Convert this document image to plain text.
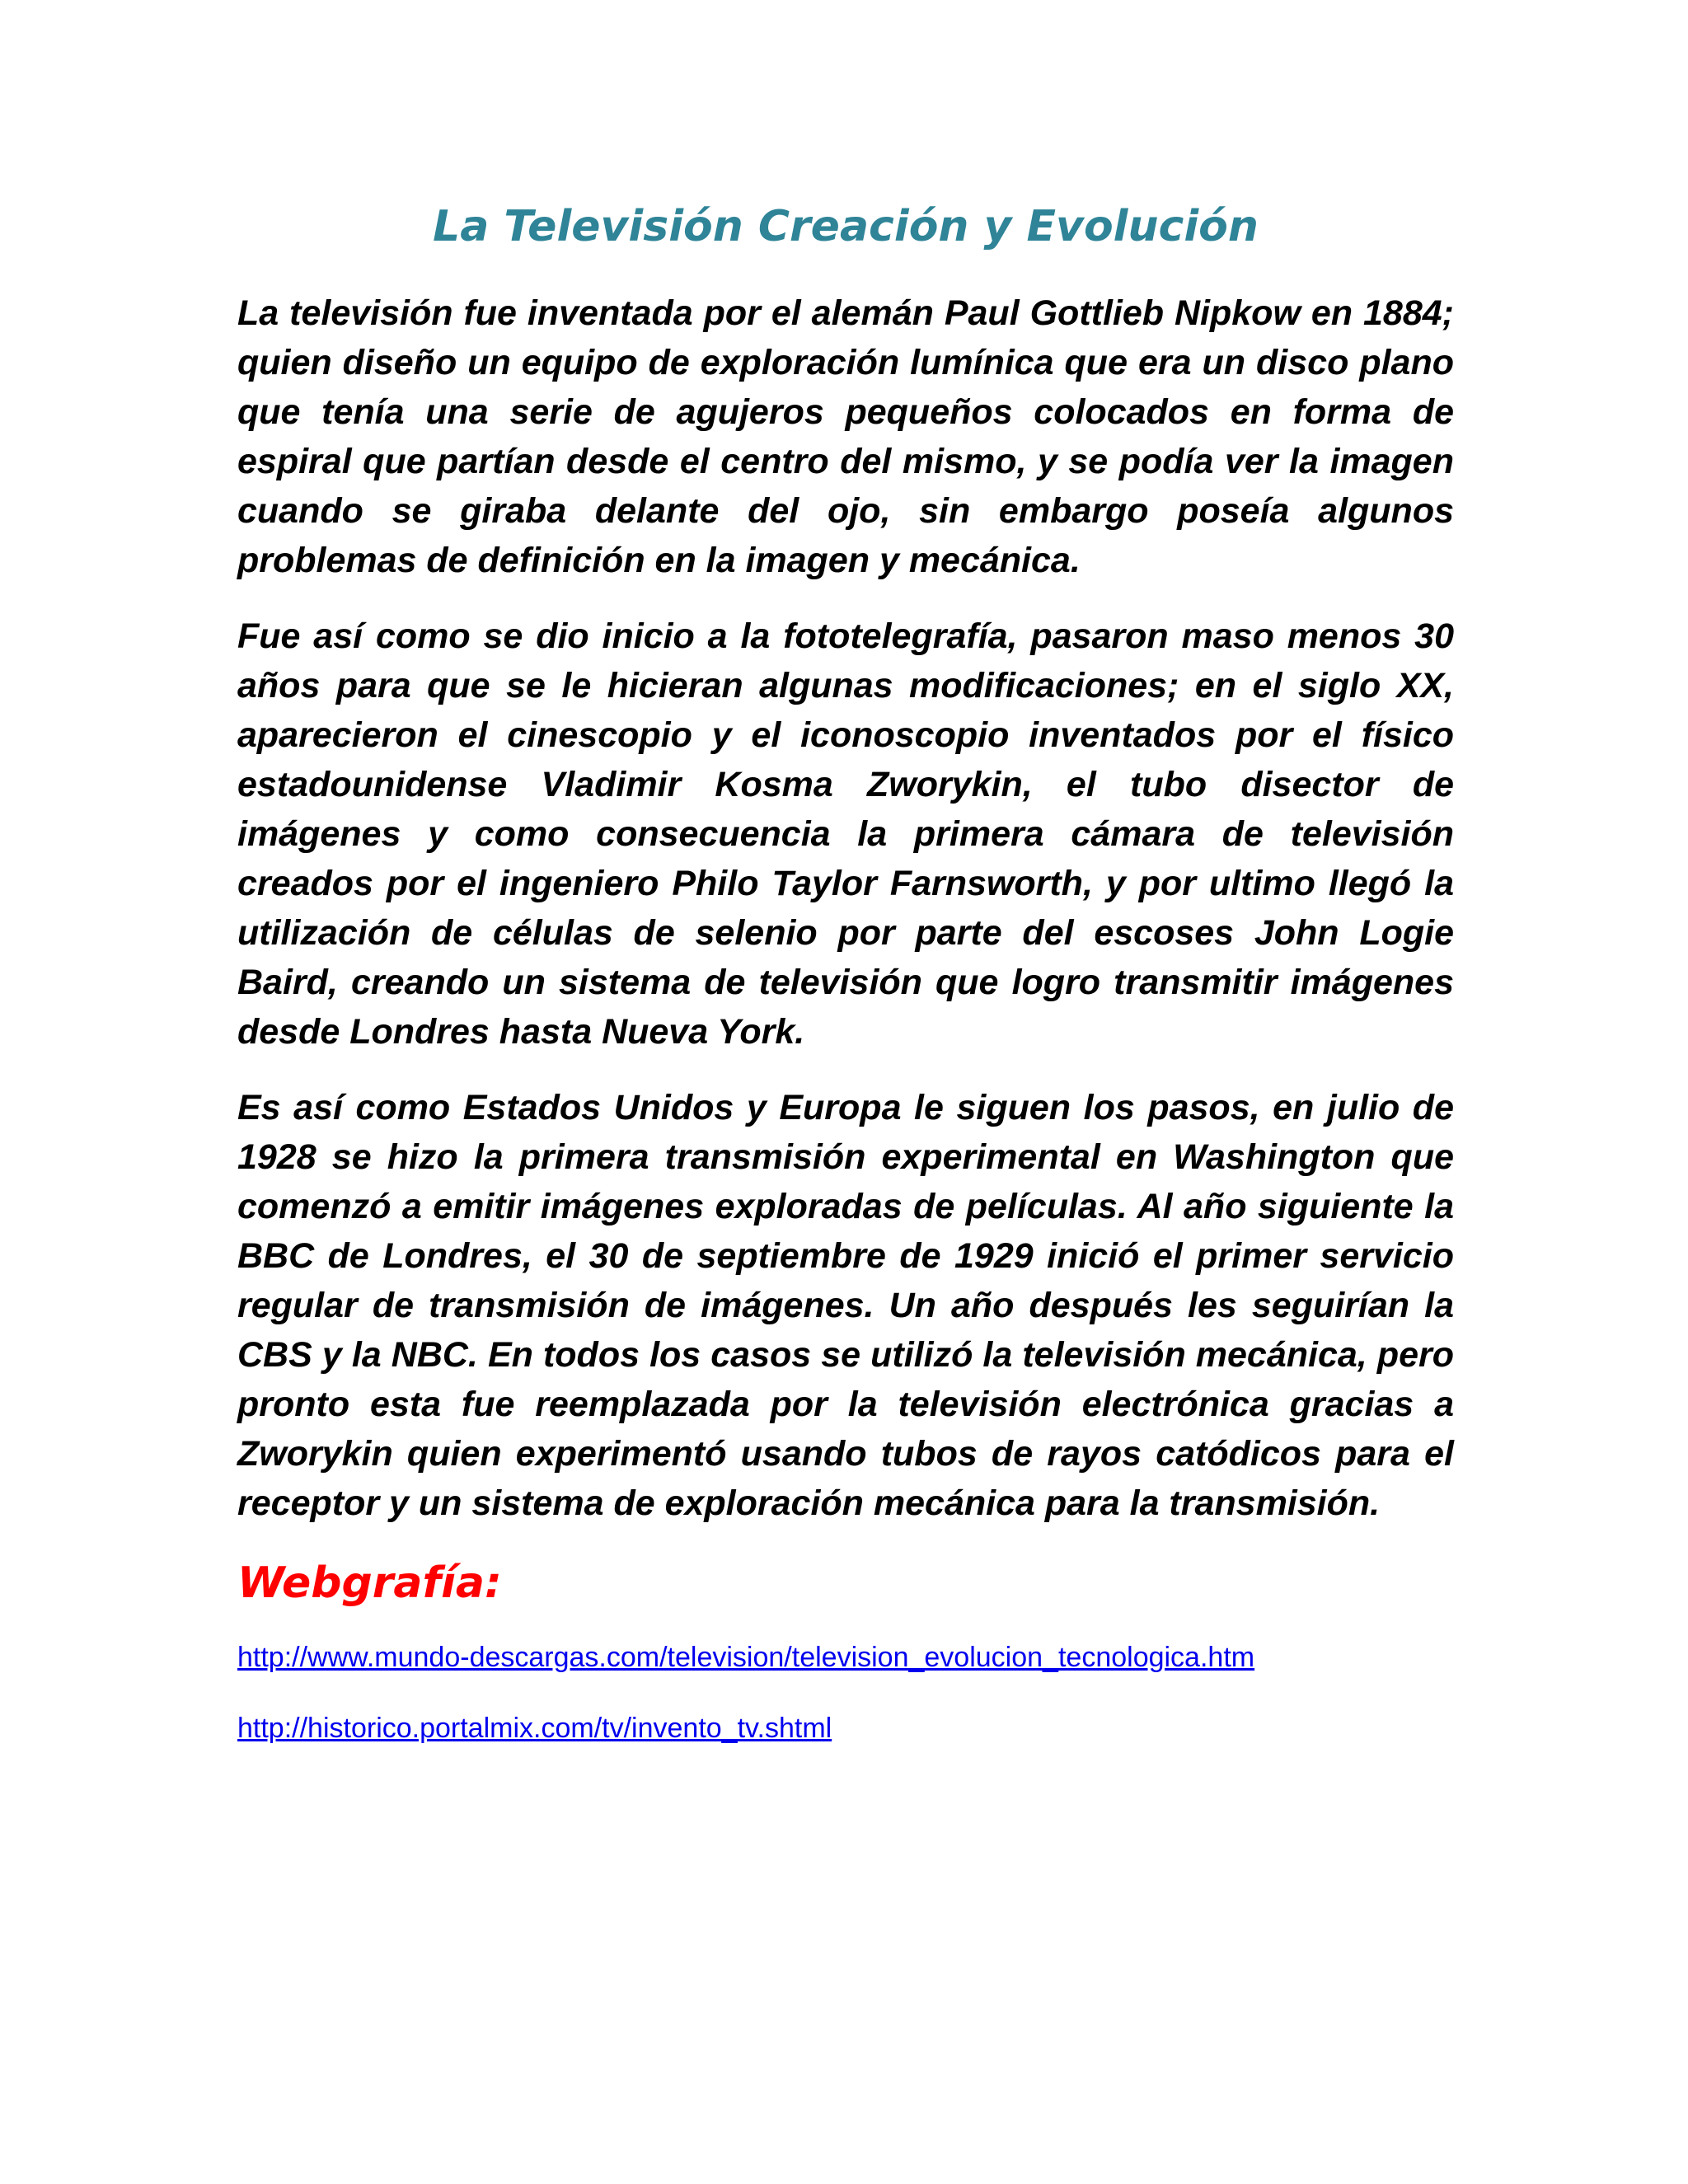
La Televisión Creación y Evolución

La televisión fue inventada por el alemán Paul Gottlieb Nipkow en 1884; quien diseño un equipo de exploración lumínica que era un disco plano que tenía una serie de agujeros pequeños colocados en forma de espiral que partían desde el centro del mismo, y se podía ver la imagen cuando se giraba delante del ojo, sin embargo poseía algunos problemas de definición en la imagen y mecánica.

Fue así como se dio inicio a la fototelegrafía, pasaron maso menos 30 años para que se le hicieran algunas modificaciones; en el siglo XX, aparecieron el cinescopio y el iconoscopio inventados por el físico estadounidense Vladimir Kosma Zworykin, el tubo disector de imágenes y como consecuencia la primera cámara de televisión creados por el ingeniero Philo Taylor Farnsworth, y por ultimo llegó la utilización de células de selenio por parte del escoses John Logie Baird, creando un sistema de televisión que logro transmitir imágenes desde Londres hasta Nueva York.

Es así como Estados Unidos y Europa le siguen los pasos, en julio de 1928 se hizo la primera transmisión experimental en Washington que comenzó a emitir imágenes exploradas de películas. Al año siguiente la BBC de Londres, el 30 de septiembre de 1929 inició el primer servicio regular de transmisión de imágenes. Un año después les seguirían la CBS y la NBC. En todos los casos se utilizó la televisión mecánica, pero pronto esta fue reemplazada por la televisión electrónica gracias a Zworykin quien experimentó usando tubos de rayos catódicos para el receptor y un sistema de exploración mecánica para la transmisión.

Webgrafía:
http://www.mundo-descargas.com/television/television_evolucion_tecnologica.htm
http://historico.portalmix.com/tv/invento_tv.shtml
